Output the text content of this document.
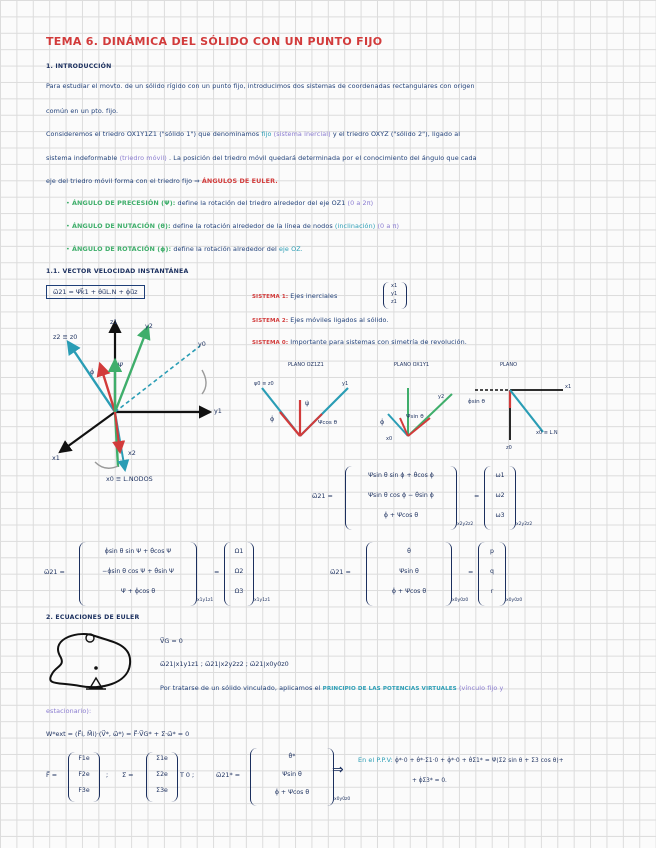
TEMA 6. DINÁMICA DEL SÓLIDO CON UN PUNTO FIJO
1. INTRODUCCIÓN
Para estudiar el movto. de un sólido rígido con un punto fijo, introducimos dos sistemas de coordenadas rectangulares con origen
común en un pto. fijo.
Consideremos el triedro OX1Y1Z1 ("sólido 1") que denominamos fijo (sistema inercial) y el triedro OXYZ ("sólido 2"), ligado al
sistema indeformable (triedro móvil) . La posición del triedro móvil quedará determinada por el conocimiento del ángulo que cada
eje del triedro móvil forma con el triedro fijo ⇒ ÁNGULOS DE EULER.
• ÁNGULO DE PRECESIÓN (Ψ): define la rotación del triedro alrededor del eje OZ1 (0 a 2π)
• ÁNGULO DE NUTACIÓN (θ): define la rotación alrededor de la línea de nodos (inclinación) (0 a π)
• ÁNGULO DE ROTACIÓN (ϕ): define la rotación alrededor del eje OZ.
1.1. VECTOR VELOCIDAD INSTANTÁNEA
ω⃗21 = Ψ̇k⃗1 + θ̇u⃗L.N + ϕ̇u⃗z
SISTEMA 1: Ejes inerciales
x1
y1
z1
SISTEMA 2: Ejes móviles ligados al sólido.
SISTEMA 0: Importante para sistemas con simetría de revolución.
z1	y2
z2 ≡ z0
y0
y1
x1
x2
ϕ̇
Ψ̇
x0 ≡ L.NODOS
PLANO OZ1Z1	PLANO OX1Y1	PLANO
ψ0 ≡ z0	y1
ϕ̇
ψ̇
Ψcos θ
y2
ϕ̇
Ψ̇sin θ
x0
ϕ̇sin θ
x1
x0 ≡ L.N
z0
ω⃗21 =
Ψ̇sin θ sin ϕ + θ̇cos ϕ
Ψ̇sin θ cos ϕ − θ̇sin ϕ
ϕ̇ + Ψ̇cos θ
x2y2z2
=
ω1
ω2
ω3
x2y2z2
ω⃗21 =
ϕ̇sin θ sin Ψ + θ̇cos Ψ
−ϕ̇sin θ cos Ψ + θ̇sin Ψ
Ψ̇ + ϕ̇cos θ
x1y1z1
=
Ω1
Ω2
Ω3
x1y1z1
ω⃗21 =
θ̇
Ψ̇sin θ
ϕ̇ + Ψ̇cos θ
x0y0z0
=
p
q
r
x0y0z0
2. ECUACIONES DE EULER
V⃗G = 0
ω⃗21|x1y1z1 ; ω⃗21|x2y2z2 ; ω⃗21|x0y0z0
Por tratarse de un sólido vinculado, aplicamos el PRINCIPIO DE LAS POTENCIAS VIRTUALES (vínculo fijo y
estacionario):
W*ext = (F⃗i, M⃗i)·(V⃗*, ω⃗*) = F⃗·V⃗G* + Σ⃗·ω⃗* = 0
F⃗ =
F1e
F2e
F3e
; Σ⃗ =
Σ1e
Σ2e
Σ3e
T 0 ;	ω⃗21* =
θ̇*
Ψ̇sin θ
ϕ̇ + Ψ̇cos θ
x0y0z0
⇒
En el P.P.V: ϕ̇*·0 + θ̇*·Σ1·0 + ϕ̇*·0 + θ̇Σ1* = Ψ̇(Σ2 sin θ + Σ3 cos θ)+
+ ϕ̇Σ3* = 0.
